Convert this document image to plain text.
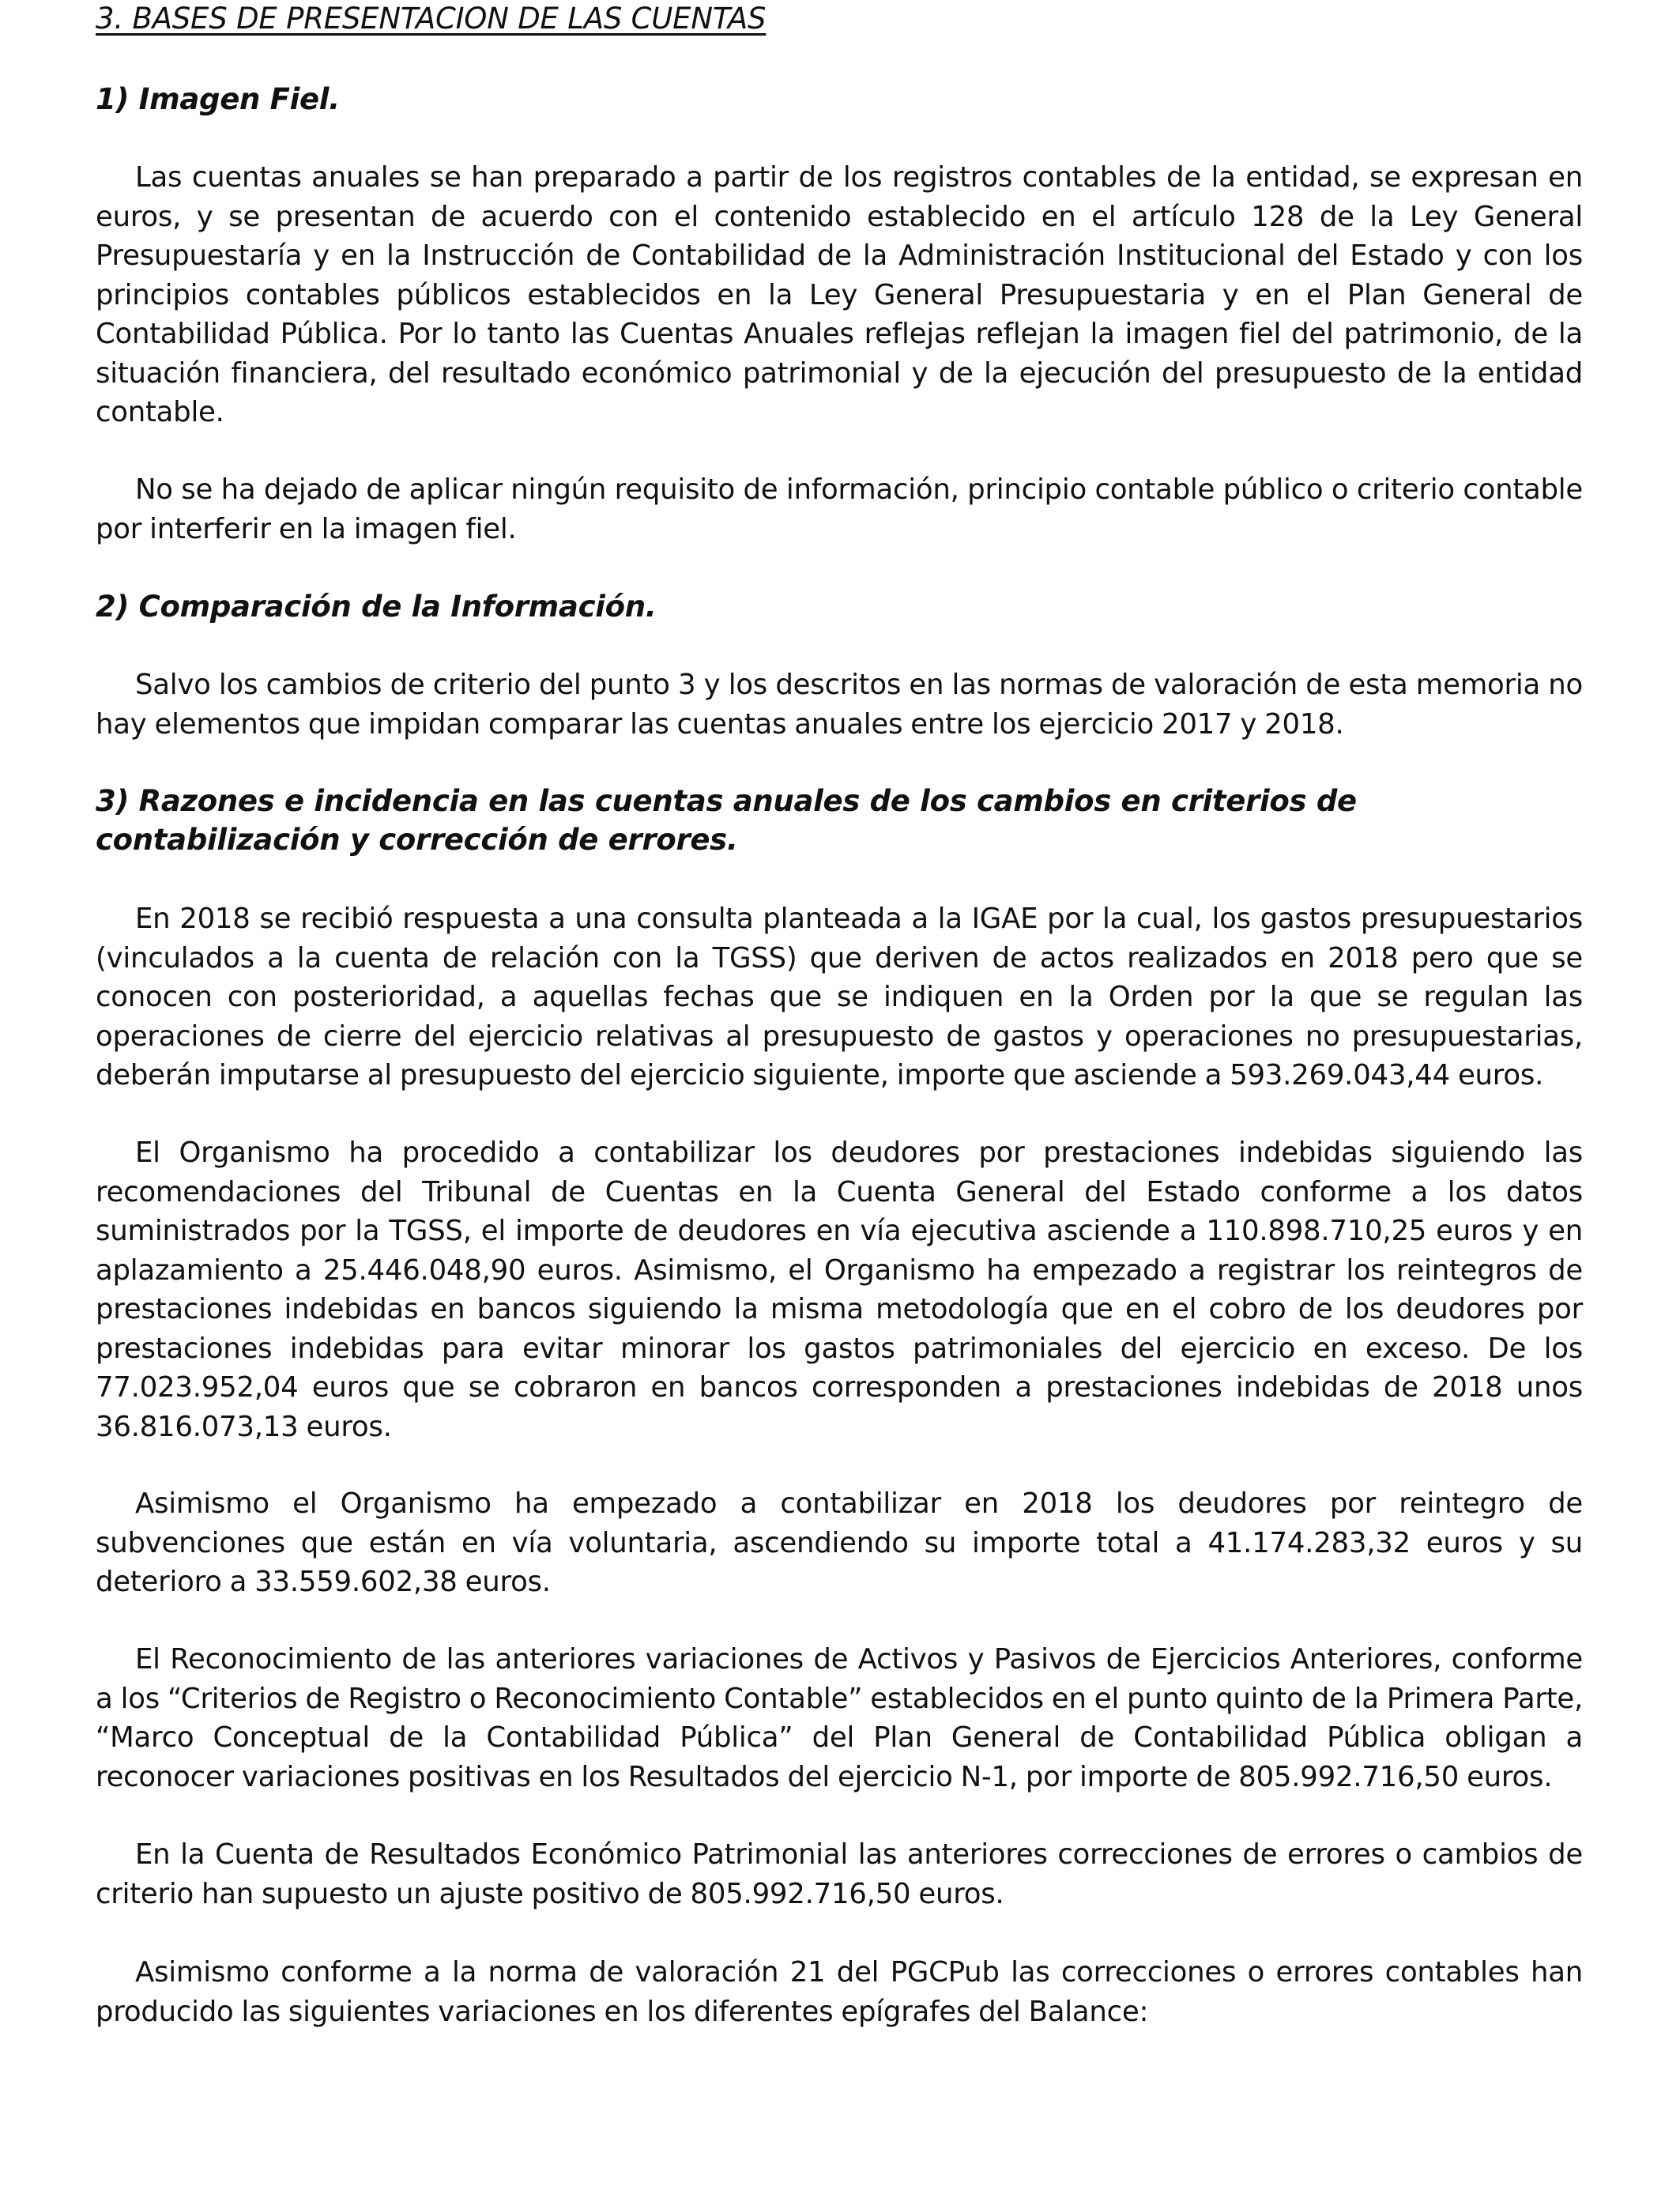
3. BASES DE PRESENTACION DE LAS CUENTAS
1) Imagen Fiel.

Las cuentas anuales se han preparado a partir de los registros contables de la entidad, se expresan en euros, y se presentan de acuerdo con el contenido establecido en el artículo 128 de la Ley General Presupuestaría y en la Instrucción de Contabilidad de la Administración Institucional del Estado y con los principios contables públicos establecidos en la Ley General Presupuestaria y en el Plan General de Contabilidad Pública. Por lo tanto las Cuentas Anuales reflejas reflejan la imagen fiel del patrimonio, de la situación financiera, del resultado económico patrimonial y de la ejecución del presupuesto de la entidad contable.

No se ha dejado de aplicar ningún requisito de información, principio contable público o criterio contable por interferir en la imagen fiel.

2) Comparación de la Información.

Salvo los cambios de criterio del punto 3 y los descritos en las normas de valoración de esta memoria no hay elementos que impidan comparar las cuentas anuales entre los ejercicio 2017 y 2018.

3) Razones e incidencia en las cuentas anuales de los cambios en criterios de contabilización y corrección de errores.

En 2018 se recibió respuesta a una consulta planteada a la IGAE por la cual, los gastos presupuestarios (vinculados a la cuenta de relación con la TGSS) que deriven de actos realizados en 2018 pero que se conocen con posterioridad, a aquellas fechas que se indiquen en la Orden por la que se regulan las operaciones de cierre del ejercicio relativas al presupuesto de gastos y operaciones no presupuestarias, deberán imputarse al presupuesto del ejercicio siguiente, importe que asciende a 593.269.043,44 euros.

El Organismo ha procedido a contabilizar los deudores por prestaciones indebidas siguiendo las recomendaciones del Tribunal de Cuentas en la Cuenta General del Estado conforme a los datos suministrados por la TGSS, el importe de deudores en vía ejecutiva asciende a 110.898.710,25 euros y en aplazamiento a 25.446.048,90 euros. Asimismo, el Organismo ha empezado a registrar los reintegros de prestaciones indebidas en bancos siguiendo la misma metodología que en el cobro de los deudores por prestaciones indebidas para evitar minorar los gastos patrimoniales del ejercicio en exceso. De los 77.023.952,04 euros que se cobraron en bancos corresponden a prestaciones indebidas de 2018 unos 36.816.073,13 euros.

Asimismo el Organismo ha empezado a contabilizar en 2018 los deudores por reintegro de subvenciones que están en vía voluntaria, ascendiendo su importe total a 41.174.283,32 euros y su deterioro a 33.559.602,38 euros.

El Reconocimiento de las anteriores variaciones de Activos y Pasivos de Ejercicios Anteriores, conforme a los “Criterios de Registro o Reconocimiento Contable” establecidos en el punto quinto de la Primera Parte, “Marco Conceptual de la Contabilidad Pública” del Plan General de Contabilidad Pública obligan a reconocer variaciones positivas en los Resultados del ejercicio N-1, por importe de 805.992.716,50 euros.

En la Cuenta de Resultados Económico Patrimonial las anteriores correcciones de errores o cambios de criterio han supuesto un ajuste positivo de 805.992.716,50 euros.

Asimismo conforme a la norma de valoración 21 del PGCPub las correcciones o errores contables han producido las siguientes variaciones en los diferentes epígrafes del Balance:
